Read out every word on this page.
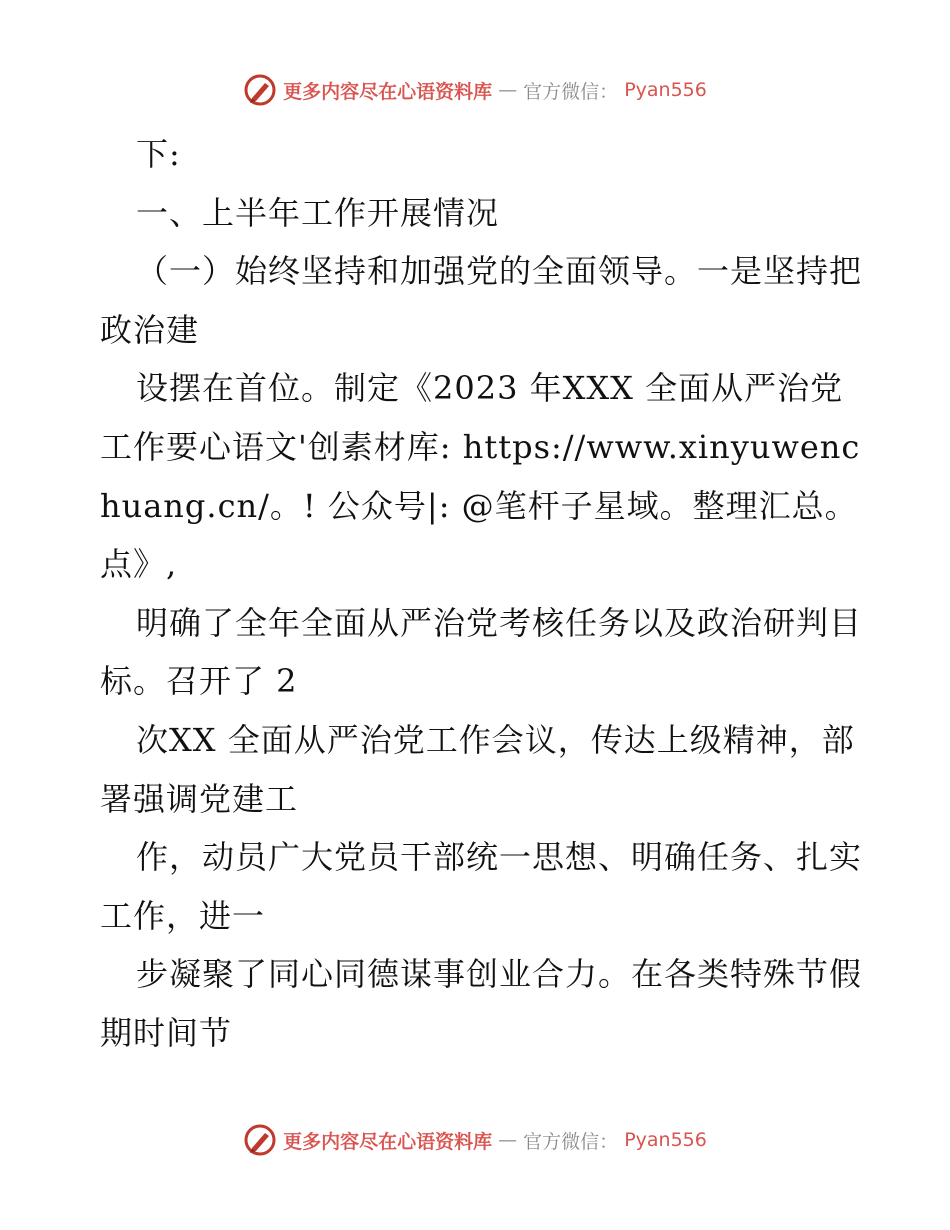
更多内容尽在心语资料库 — 官方微信： Pyan556

下:

一、上半年工作开展情况

（一）始终坚持和加强党的全面领导。一是坚持把政治建

设摆在首位。制定《2023 年XXX 全面从严治党工作要心语文'创素材库: https://www.xinyuwenchuang.cn/。! 公众号|: @笔杆子星域。整理汇总。点》,

明确了全年全面从严治党考核任务以及政治研判目标。召开了 2

次XX 全面从严治党工作会议，传达上级精神，部署强调党建工

作，动员广大党员干部统一思想、明确任务、扎实工作，进一

步凝聚了同心同德谋事创业合力。在各类特殊节假期时间节

更多内容尽在心语资料库 — 官方微信： Pyan556
